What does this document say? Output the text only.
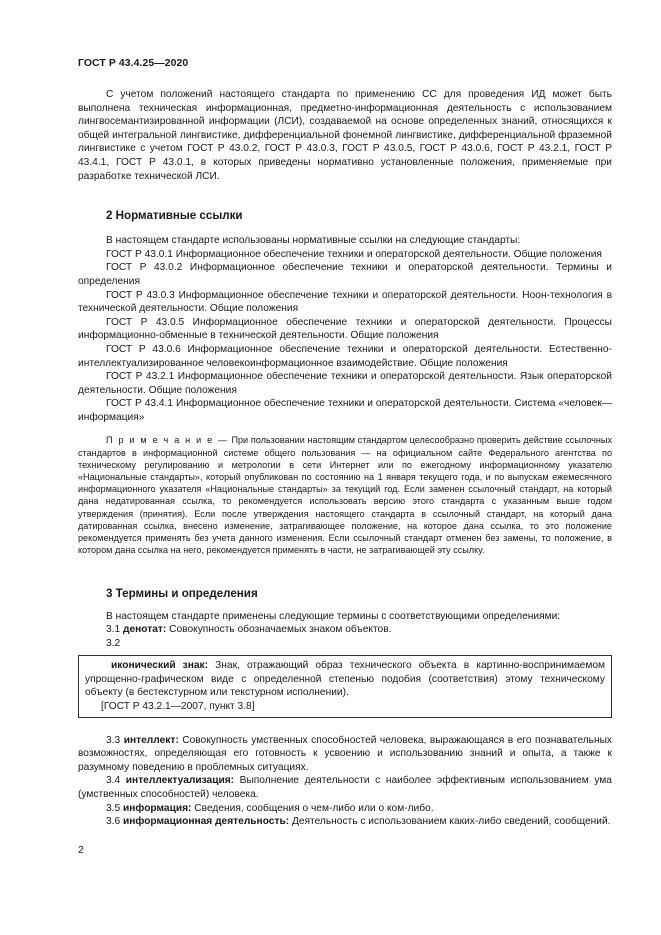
ГОСТ Р 43.4.25—2020

С учетом положений настоящего стандарта по применению СС для проведения ИД может быть выполнена техническая информационная, предметно-информационная деятельность с использованием лингвосемантизированной информации (ЛСИ), создаваемой на основе определенных знаний, относящихся к общей интегральной лингвистике, дифференциальной фонемной лингвистике, дифференциальной фраземной лингвистике с учетом ГОСТ Р 43.0.2, ГОСТ Р 43.0.3, ГОСТ Р 43.0.5, ГОСТ Р 43.0.6, ГОСТ Р 43.2.1, ГОСТ Р 43.4.1, ГОСТ Р 43.0.1, в которых приведены нормативно установленные положения, применяемые при разработке технической ЛСИ.

2 Нормативные ссылки

В настоящем стандарте использованы нормативные ссылки на следующие стандарты:

ГОСТ Р 43.0.1 Информационное обеспечение техники и операторской деятельности. Общие положения

ГОСТ Р 43.0.2 Информационное обеспечение техники и операторской деятельности. Термины и определения

ГОСТ Р 43.0.3 Информационное обеспечение техники и операторской деятельности. Ноон-технология в технической деятельности. Общие положения

ГОСТ Р 43.0.5 Информационное обеспечение техники и операторской деятельности. Процессы информационно-обменные в технической деятельности. Общие положения

ГОСТ Р 43.0.6 Информационное обеспечение техники и операторской деятельности. Естественно-интеллектуализированное человекоинформационное взаимодействие. Общие положения

ГОСТ Р 43.2.1 Информационное обеспечение техники и операторской деятельности. Язык операторской деятельности. Общие положения

ГОСТ Р 43.4.1 Информационное обеспечение техники и операторской деятельности. Система «человек—информация»

П р и м е ч а н и е — При пользовании настоящим стандартом целесообразно проверить действие ссылочных стандартов в информационной системе общего пользования — на официальном сайте Федерального агентства по техническому регулированию и метрологии в сети Интернет или по ежегодному информационному указателю «Национальные стандарты», который опубликован по состоянию на 1 января текущего года, и по выпускам ежемесячного информационного указателя «Национальные стандарты» за текущий год. Если заменен ссылочный стандарт, на который дана недатированная ссылка, то рекомендуется использовать версию этого стандарта с указанным выше годом утверждения (принятия). Если после утверждения настоящего стандарта в ссылочный стандарт, на который дана датированная ссылка, внесено изменение, затрагивающее положение, на которое дана ссылка, то это положение рекомендуется применять без учета данного изменения. Если ссылочный стандарт отменен без замены, то положение, в котором дана ссылка на него, рекомендуется применять в части, не затрагивающей эту ссылку.

3 Термины и определения

В настоящем стандарте применены следующие термины с соответствующими определениями:

3.1 денотат: Совокупность обозначаемых знаком объектов.

3.2

иконический знак: Знак, отражающий образ технического объекта в картинно-воспринимаемом упрощенно-графическом виде с определенной степенью подобия (соответствия) этому техническому объекту (в бестекстурном или текстурном исполнении).

[ГОСТ Р 43.2.1—2007, пункт 3.8]

3.3 интеллект: Совокупность умственных способностей человека, выражающаяся в его познавательных возможностях, определяющая его готовность к усвоению и использованию знаний и опыта, а также к разумному поведению в проблемных ситуациях.

3.4 интеллектуализация: Выполнение деятельности с наиболее эффективным использованием ума (умственных способностей) человека.

3.5 информация: Сведения, сообщения о чем-либо или о ком-либо.

3.6 информационная деятельность: Деятельность с использованием каких-либо сведений, сообщений.

2
